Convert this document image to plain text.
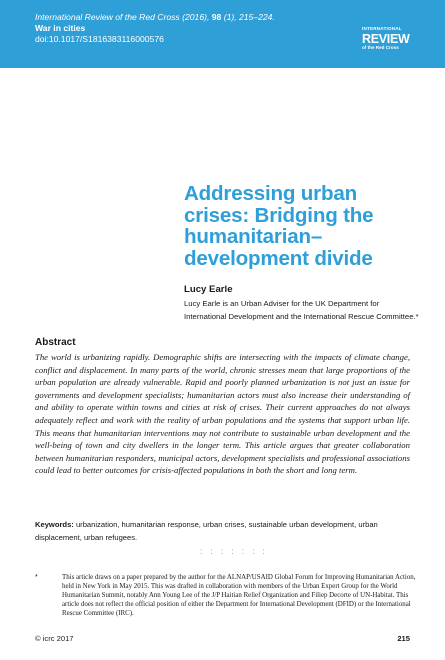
International Review of the Red Cross (2016), 98 (1), 215–224.
War in cities
doi:10.1017/S1816383116000576
INTERNATIONAL
REVIEW
of the Red Cross
Addressing urban crises: Bridging the humanitarian–development divide
Lucy Earle
Lucy Earle is an Urban Adviser for the UK Department for International Development and the International Rescue Committee.*
Abstract
The world is urbanizing rapidly. Demographic shifts are intersecting with the impacts of climate change, conflict and displacement. In many parts of the world, chronic stresses mean that large proportions of the urban population are already vulnerable. Rapid and poorly planned urbanization is not just an issue for governments and development specialists; humanitarian actors must also increase their understanding of and ability to operate within towns and cities at risk of crises. Their current approaches do not always adequately reflect and work with the reality of urban populations and the systems that support urban life. This means that humanitarian interventions may not contribute to sustainable urban development and the well-being of town and city dwellers in the longer term. This article argues that greater collaboration between humanitarian responders, municipal actors, development specialists and professional associations could lead to better outcomes for crisis-affected populations in both the short and long term.
Keywords: urbanization, humanitarian response, urban crises, sustainable urban development, urban displacement, urban refugees.
: : : : : : :
*	This article draws on a paper prepared by the author for the ALNAP/USAID Global Forum for Improving Humanitarian Action, held in New York in May 2015. This was drafted in collaboration with members of the Urban Expert Group for the World Humanitarian Summit, notably Ann Young Lee of the J/P Haitian Relief Organization and Filiep Decorte of UN-Habitat. This article does not reflect the official position of either the Department for International Development (DFID) or the International Rescue Committee (IRC).
© icrc 2017	215
